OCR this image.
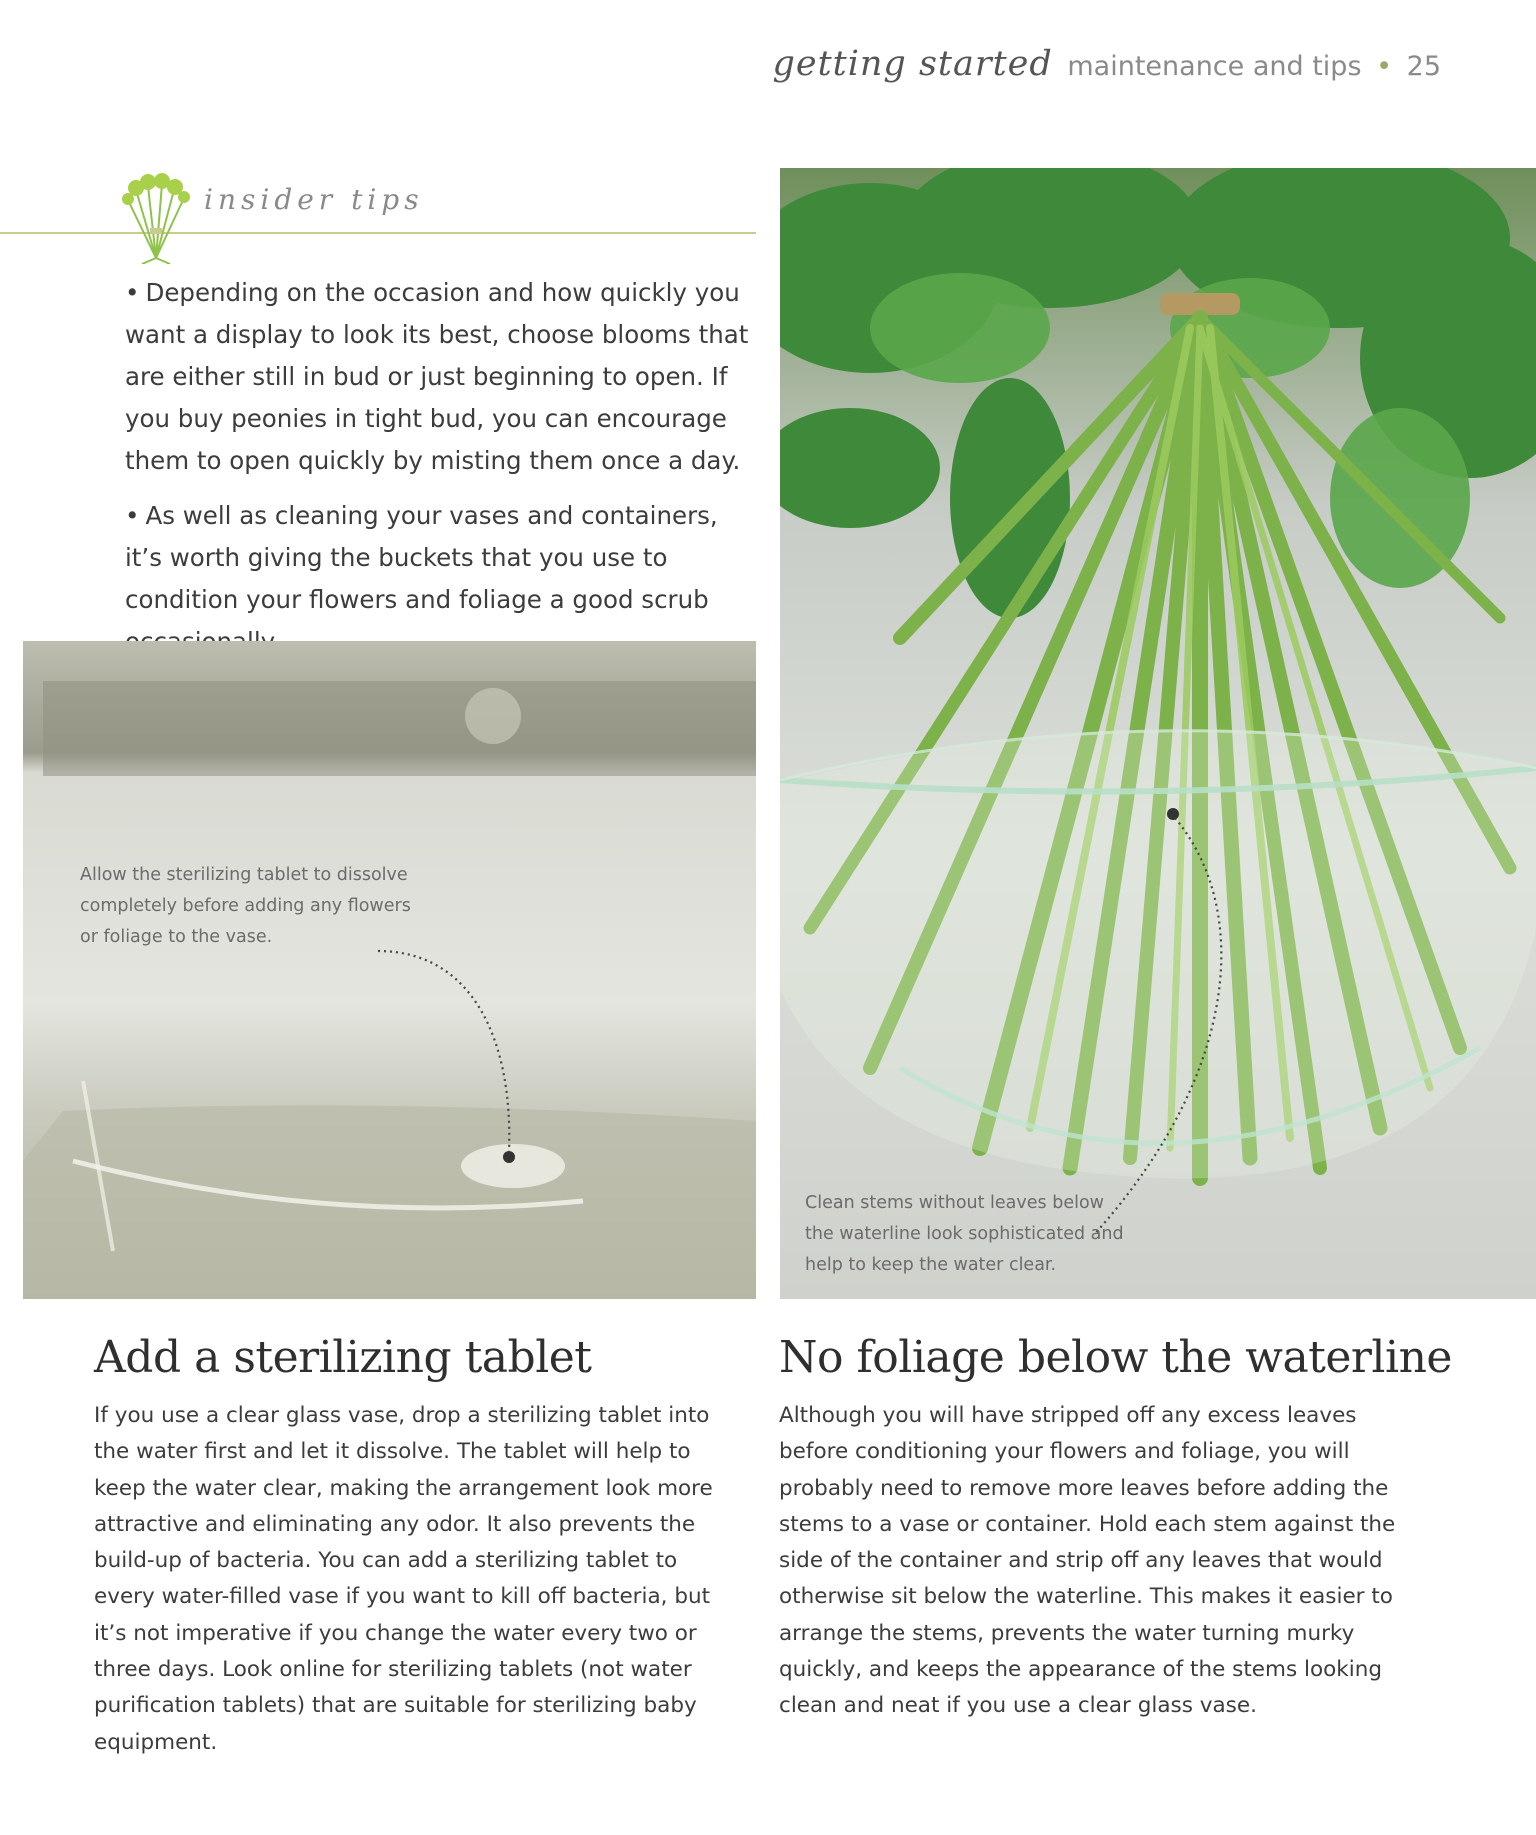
getting started maintenance and tips • 25
insider tips
• Depending on the occasion and how quickly you want a display to look its best, choose blooms that are either still in bud or just beginning to open. If you buy peonies in tight bud, you can encourage them to open quickly by misting them once a day.
• As well as cleaning your vases and containers, it’s worth giving the buckets that you use to condition your flowers and foliage a good scrub
Allow the sterilizing tablet to dissolve completely before adding any flowers or foliage to the vase.
Clean stems without leaves below the waterline look sophisticated and help to keep the water clear.
Add a sterilizing tablet
If you use a clear glass vase, drop a sterilizing tablet into the water first and let it dissolve. The tablet will help to keep the water clear, making the arrangement look more attractive and eliminating any odor. It also prevents the build-up of bacteria. You can add a sterilizing tablet to every water-filled vase if you want to kill off bacteria, but it’s not imperative if you change the water every two or three days. Look online for sterilizing tablets (not water purification tablets) that are suitable for sterilizing baby equipment.
No foliage below the waterline
Although you will have stripped off any excess leaves before conditioning your flowers and foliage, you will probably need to remove more leaves before adding the stems to a vase or container. Hold each stem against the side of the container and strip off any leaves that would otherwise sit below the waterline. This makes it easier to arrange the stems, prevents the water turning murky quickly, and keeps the appearance of the stems looking clean and neat if you use a clear glass vase.
